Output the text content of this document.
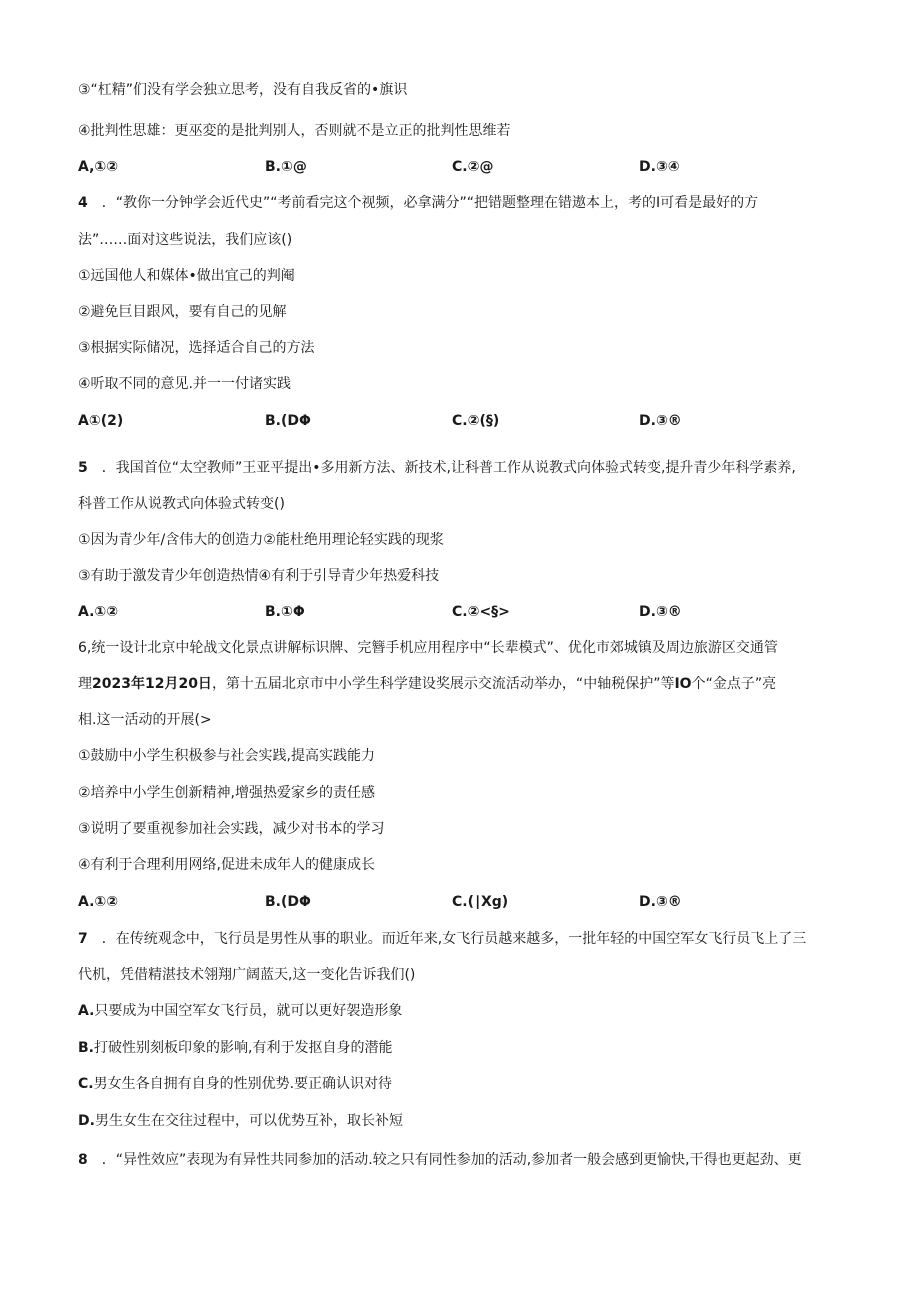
③“杠精”们没有学会独立思考，没有自我反省的•旗识
④批判性思雄：更巫変的是批判别人，否则就不是立正的批判性思维若
A,①②	B.①@	C.②@	D.③④
4 ．“教你一分钟学会近代史”“考前看完这个视频，必拿满分”“把错题整理在错遨本上，考的I可看是最好的方
法”……面对这些说法，我们应该()
①远国他人和媒体•做出宜己的判阉
②避免巨目跟风，要有自己的见解
③根据实际储况，选择适合自己的方法
④听取不同的意见.并一一付诸实践
A①(2)	B.(DΦ	C.②(§)	D.③®
5 ．我国首位“太空教师”王亚平提出•多用新方法、新技术,让科普工作从说教式向体验式转变,提升青少年科学素养,
科普工作从说教式向体验式转变()
①因为青少年/含伟大的创造力②能杜绝用理论轻实践的现浆
③有助于激发青少年创造热情④有利于引导青少年热爱科技
A.①②	B.①Φ	C.②<§>	D.③®
6,统一设计北京中轮战文化景点讲解标识牌、完簪手机应用程序中“长辈模式”、优化市郊城镇及周边旅游区交通管
理2023年12月20日，第十五届北京市中小学生科学建设奖展示交流活动举办，“中轴税保护”等IO个“金点子”亮
相.这一活动的开展(>
①鼓励中小学生积极参与社会实践,提高实践能力
②培养中小学生创新精神,增强热爱家乡的责任感
③说明了要重视参加社会实践，减少对书本的学习
④有利于合理利用网络,促进未成年人的健康成长
A.①②	B.(DΦ	C.(∣Xg)	D.③®
7 ．在传统观念中，飞行员是男性从事的职业。而近年来,女飞行员越来越多，一批年轻的中国空军女飞行员飞上了三
代机，凭借精湛技术翎翔广阔蓝天,这一变化告诉我们()
A.只要成为中国空军女飞行员，就可以更好袈造形象
B.打破性别刻板印象的影响,有利于发抠自身的潜能
C.男女生各自拥有自身的性别优势.要正确认识对待
D.男生女生在交往过程中，可以优势互补，取长补短
8 ．“异性效应”表现为有异性共同参加的活动.较之只有同性参加的活动,参加者一般会感到更愉快,干得也更起劲、更
